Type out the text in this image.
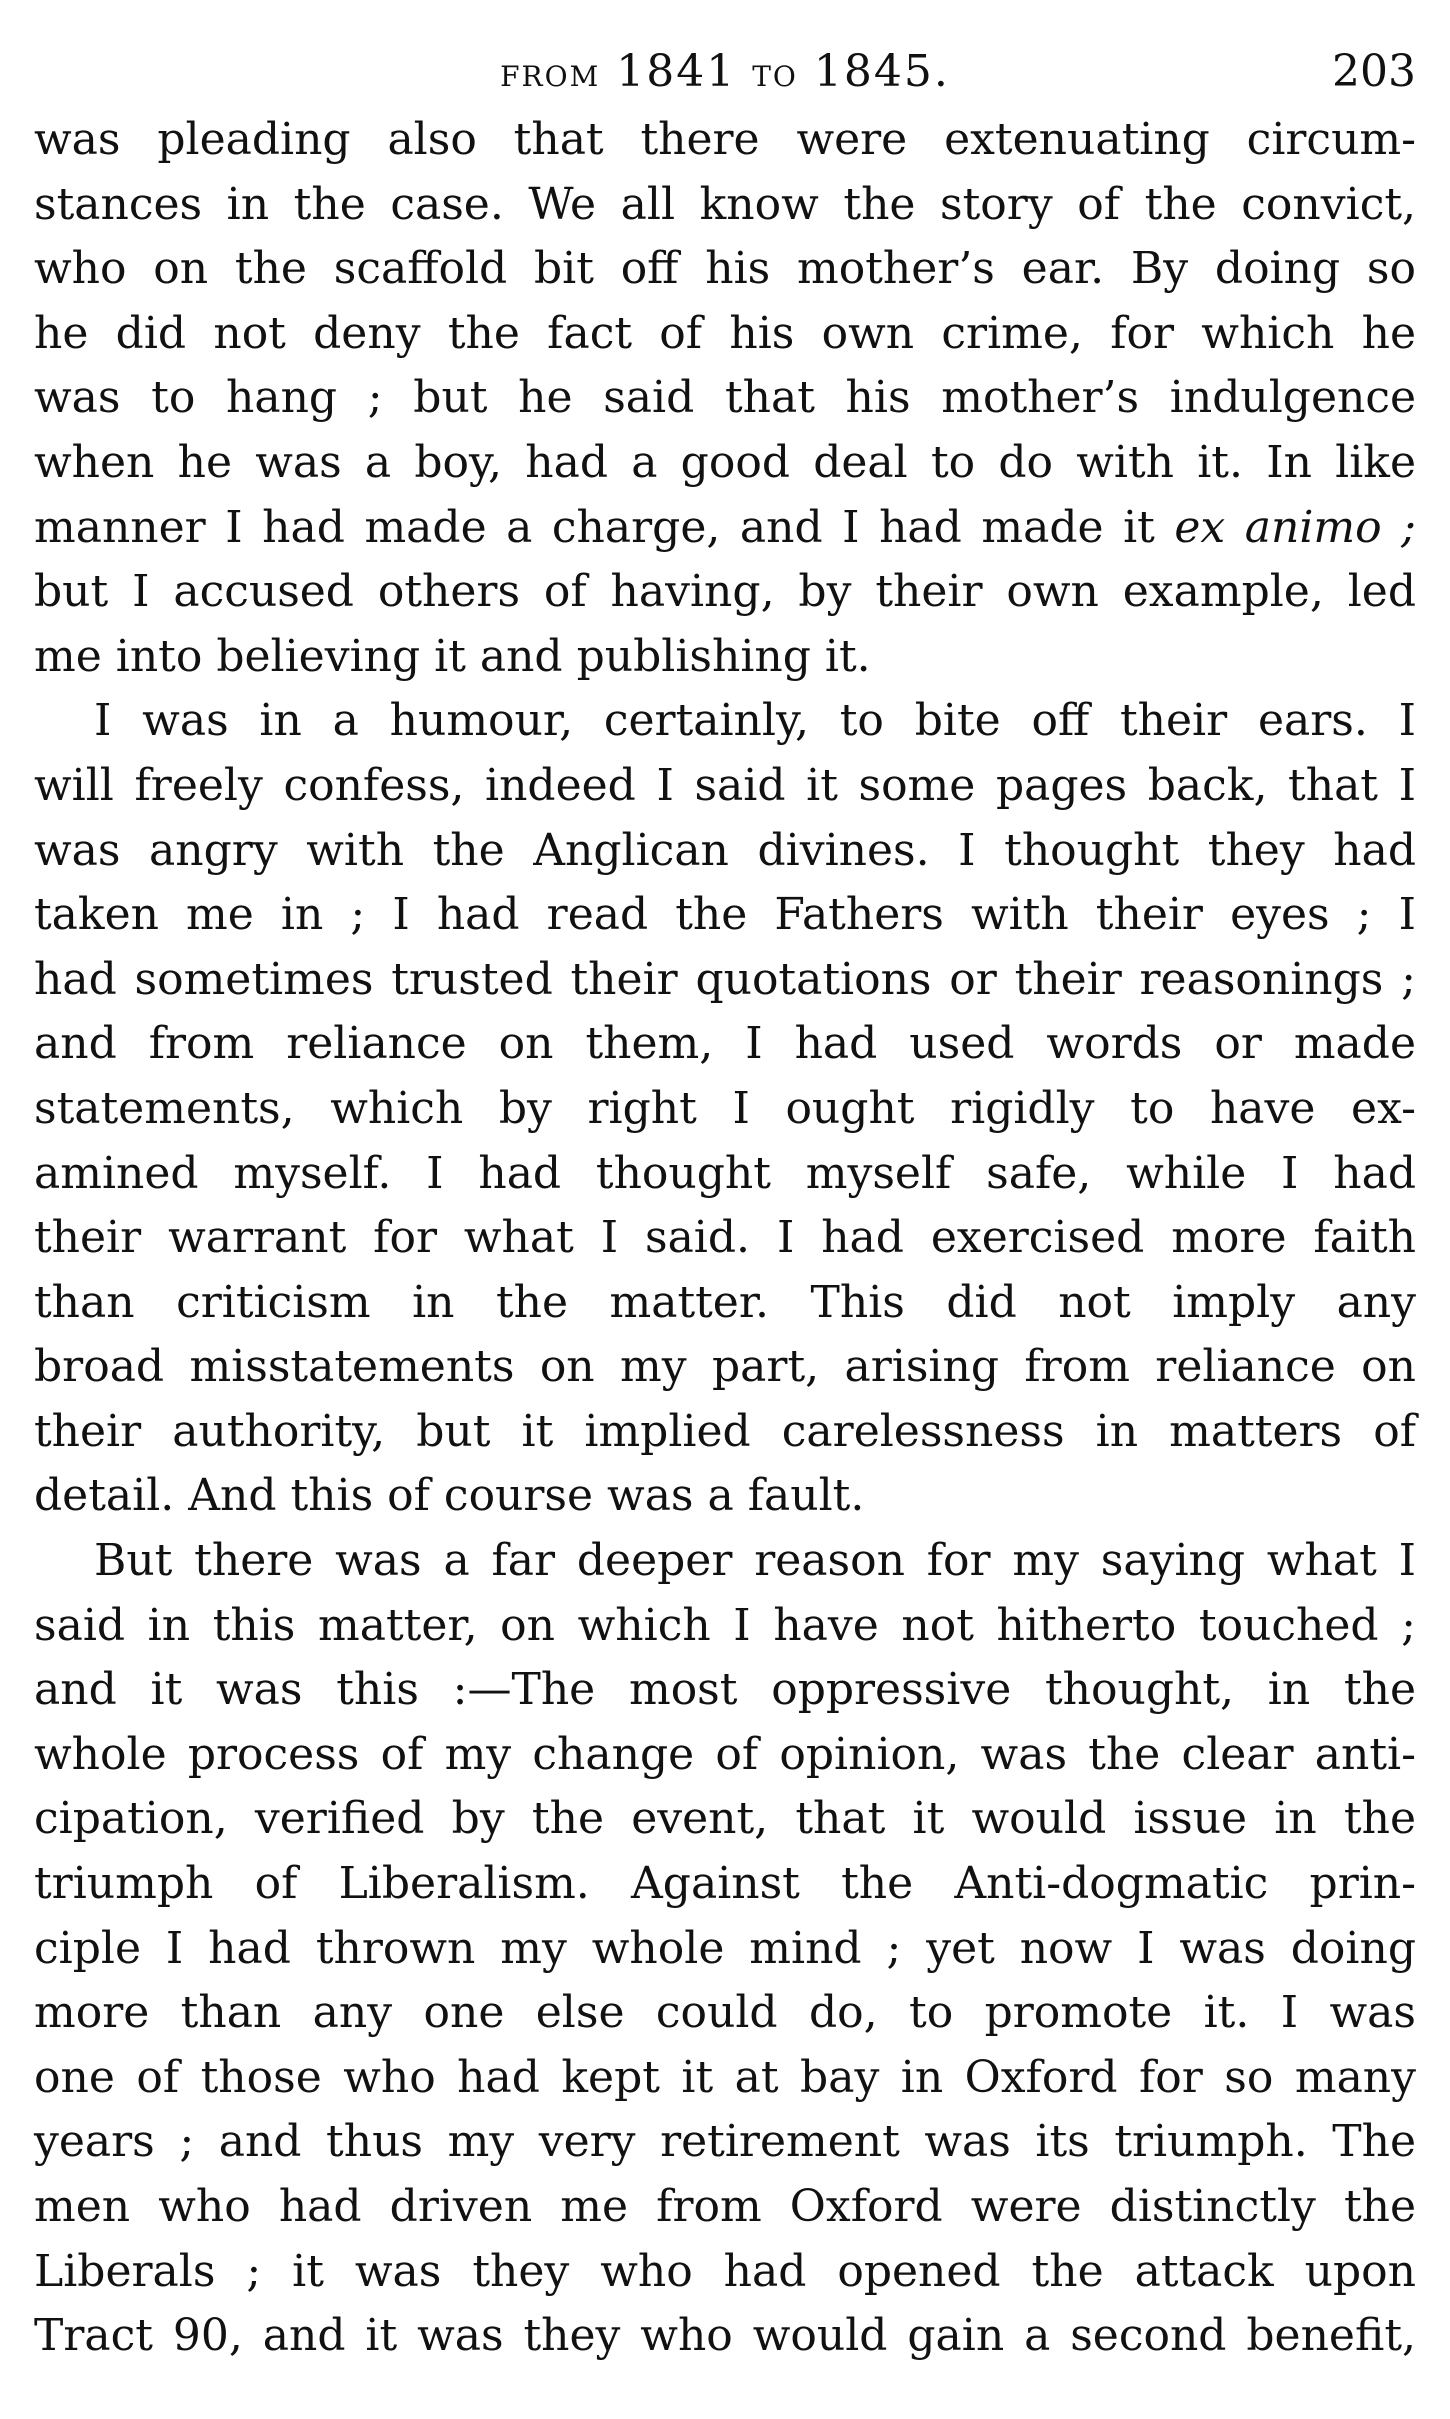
from 1841 to 1845.	203
was pleading also that there were extenuating circum-
stances in the case. We all know the story of the convict,
who on the scaffold bit off his mother’s ear. By doing so
he did not deny the fact of his own crime, for which he
was to hang ; but he said that his mother’s indulgence
when he was a boy, had a good deal to do with it. In like
manner I had made a charge, and I had made it ex animo ;
but I accused others of having, by their own example, led
me into believing it and publishing it.
I was in a humour, certainly, to bite off their ears. I
will freely confess, indeed I said it some pages back, that I
was angry with the Anglican divines. I thought they had
taken me in ; I had read the Fathers with their eyes ; I
had sometimes trusted their quotations or their reasonings ;
and from reliance on them, I had used words or made
statements, which by right I ought rigidly to have ex-
amined myself. I had thought myself safe, while I had
their warrant for what I said. I had exercised more faith
than criticism in the matter. This did not imply any
broad misstatements on my part, arising from reliance on
their authority, but it implied carelessness in matters of
detail. And this of course was a fault.
But there was a far deeper reason for my saying what I
said in this matter, on which I have not hitherto touched ;
and it was this :—The most oppressive thought, in the
whole process of my change of opinion, was the clear anti-
cipation, verified by the event, that it would issue in the
triumph of Liberalism. Against the Anti-dogmatic prin-
ciple I had thrown my whole mind ; yet now I was doing
more than any one else could do, to promote it. I was
one of those who had kept it at bay in Oxford for so many
years ; and thus my very retirement was its triumph. The
men who had driven me from Oxford were distinctly the
Liberals ; it was they who had opened the attack upon
Tract 90, and it was they who would gain a second benefit,
